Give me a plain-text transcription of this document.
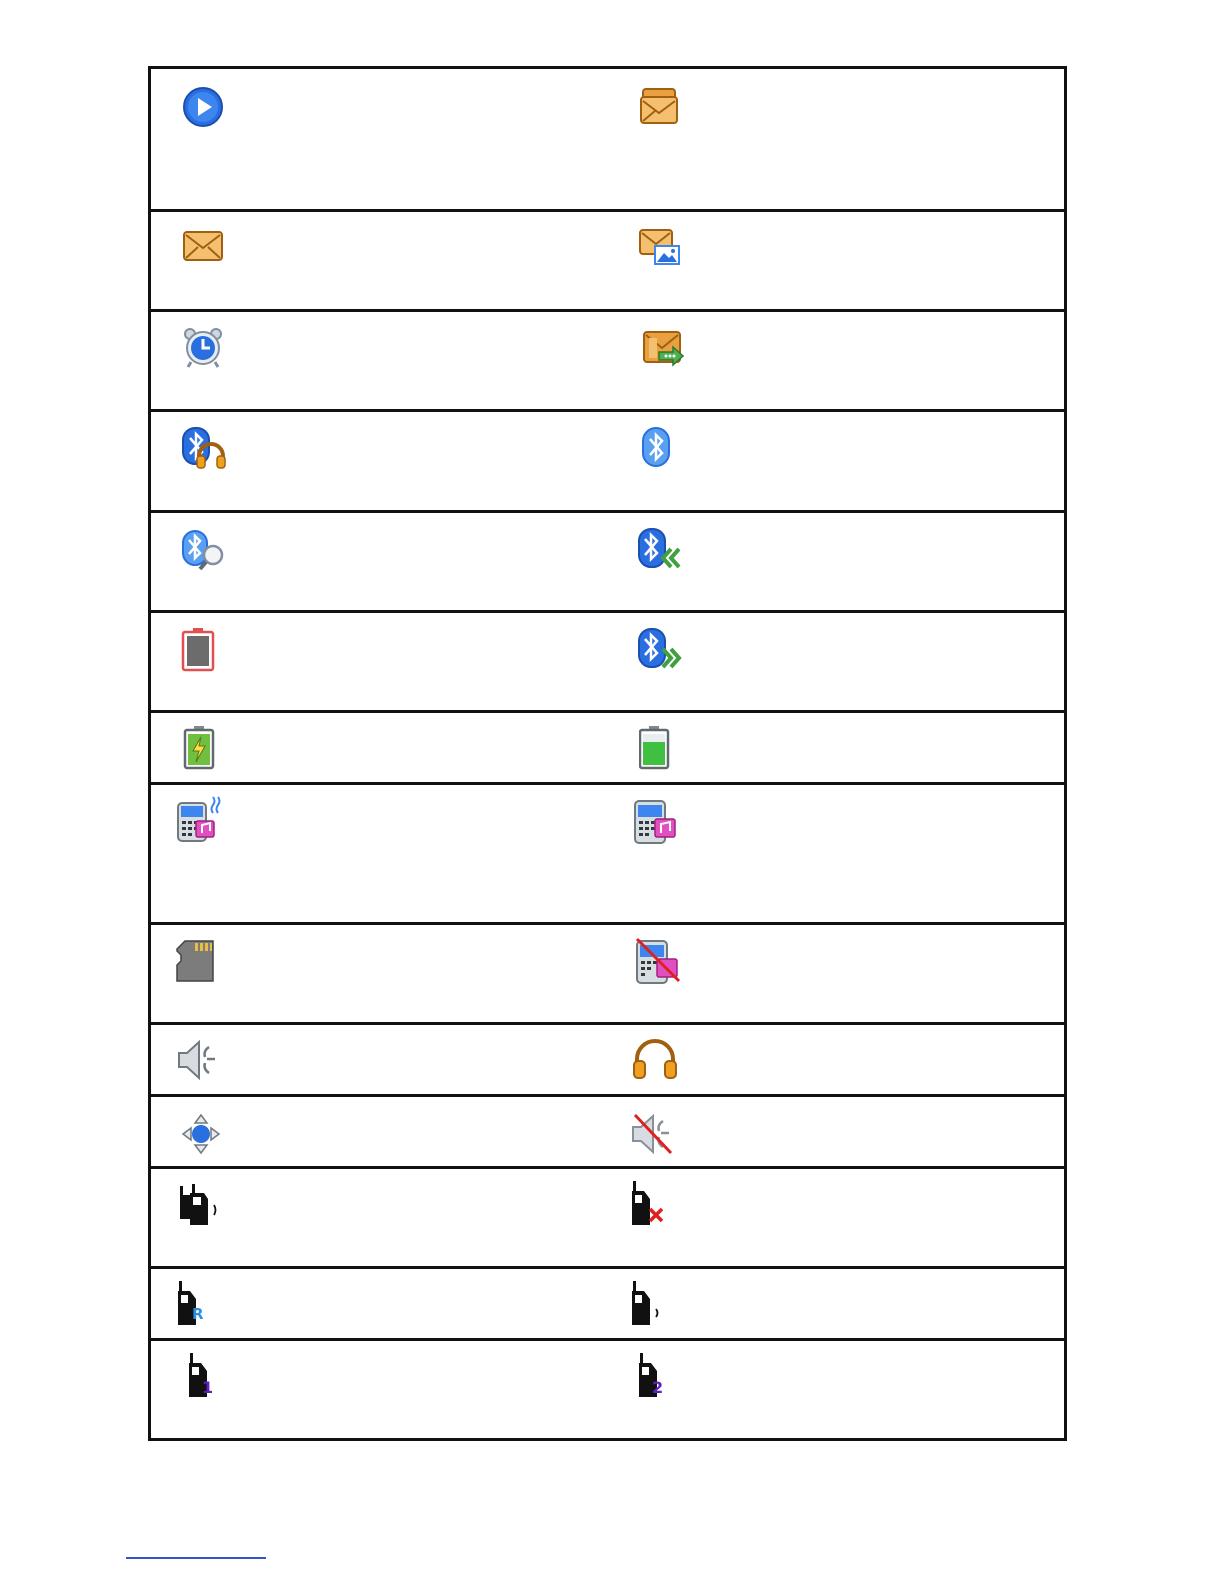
R
1	2
